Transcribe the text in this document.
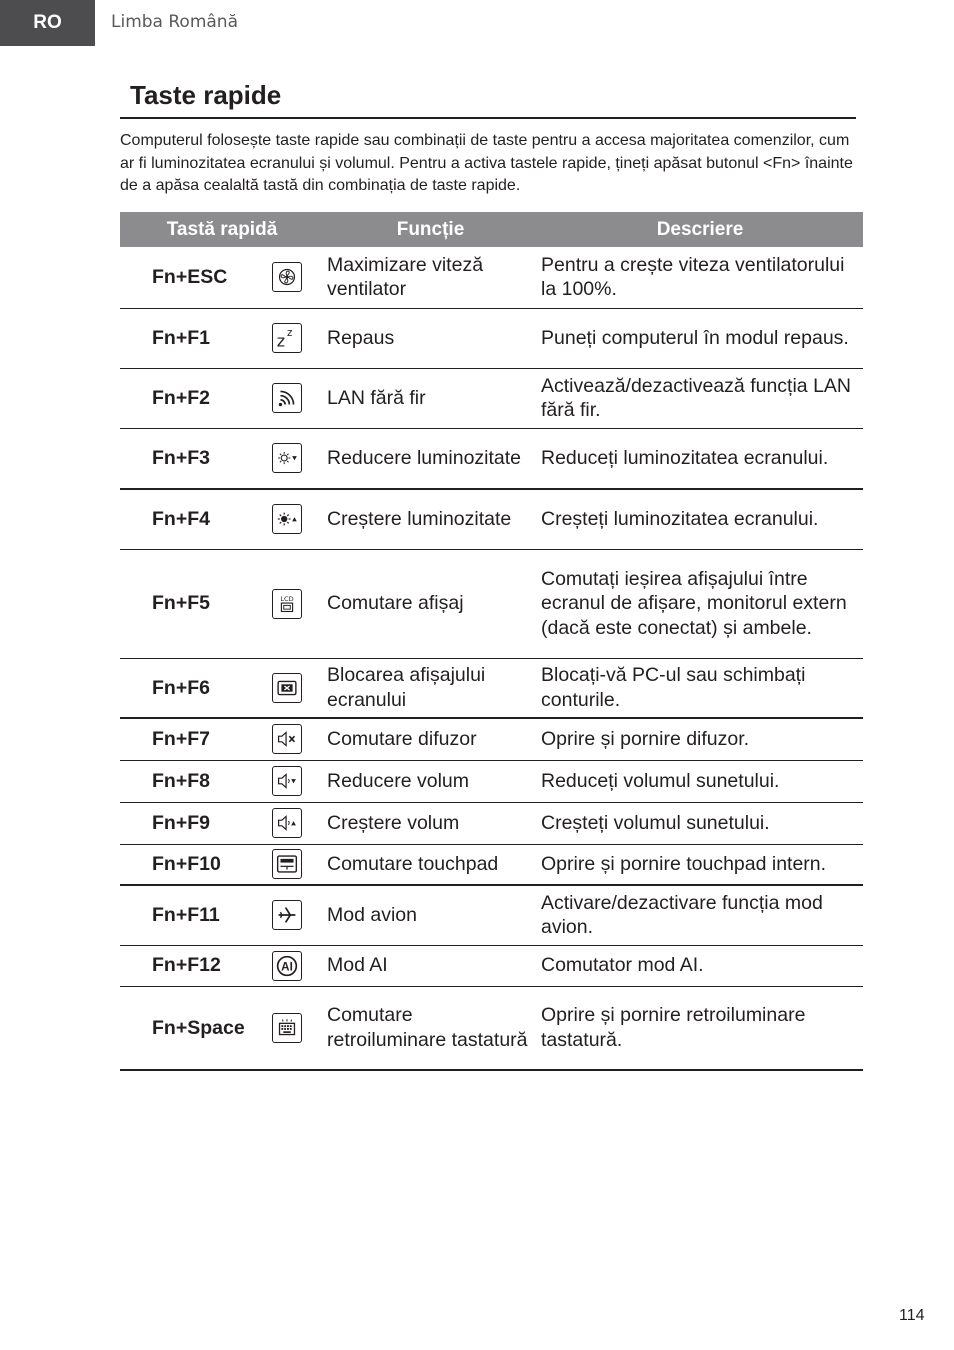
RO	Limba Română
Taste rapide
Computerul folosește taste rapide sau combinații de taste pentru a accesa majoritatea comenzilor, cum ar fi luminozitatea ecranului și volumul. Pentru a activa tastele rapide, țineți apăsat butonul <Fn> înainte de a apăsa cealaltă tastă din combinația de taste rapide.
Tastă rapidă		Funcție	Descriere
Fn+ESC		Maximizare viteză ventilator	Pentru a crește viteza ventilatorului la 100%.
Fn+F1	z z	Repaus	Puneți computerul în modul repaus.
Fn+F2		LAN fără fir	Activează/dezactivează funcția LAN fără fir.
Fn+F3		Reducere luminozitate	Reduceți luminozitatea ecranului.
Fn+F4		Creștere luminozitate	Creșteți luminozitatea ecranului.
Fn+F5	LCD	Comutare afișaj	Comutați ieșirea afișajului între ecranul de afișare, monitorul extern (dacă este conectat) și ambele.
Fn+F6		Blocarea afișajului ecranului	Blocați-vă PC-ul sau schimbați conturile.
Fn+F7		Comutare difuzor	Oprire și pornire difuzor.
Fn+F8		Reducere volum	Reduceți volumul sunetului.
Fn+F9		Creștere volum	Creșteți volumul sunetului.
Fn+F10		Comutare touchpad	Oprire și pornire touchpad intern.
Fn+F11		Mod avion	Activare/dezactivare funcția mod avion.
Fn+F12	AI	Mod AI	Comutator mod AI.
Fn+Space		Comutare retroiluminare tastatură	Oprire și pornire retroiluminare tastatură.
114
